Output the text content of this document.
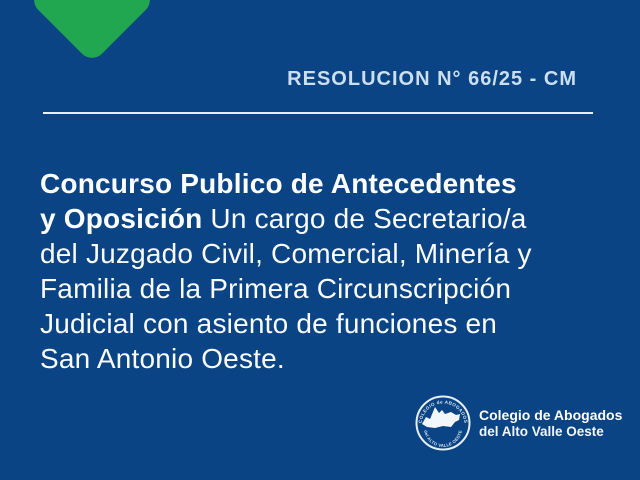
RESOLUCION N° 66/25 - CM
Concurso Publico de Antecedentes
y Oposición Un cargo de Secretario/a
del Juzgado Civil, Comercial, Minería y
Familia de la Primera Circunscripción
Judicial con asiento de funciones en
San Antonio Oeste.
COLEGIO de ABOGADOS
del ALTO VALLE OESTE
Colegio de Abogados
del Alto Valle Oeste
